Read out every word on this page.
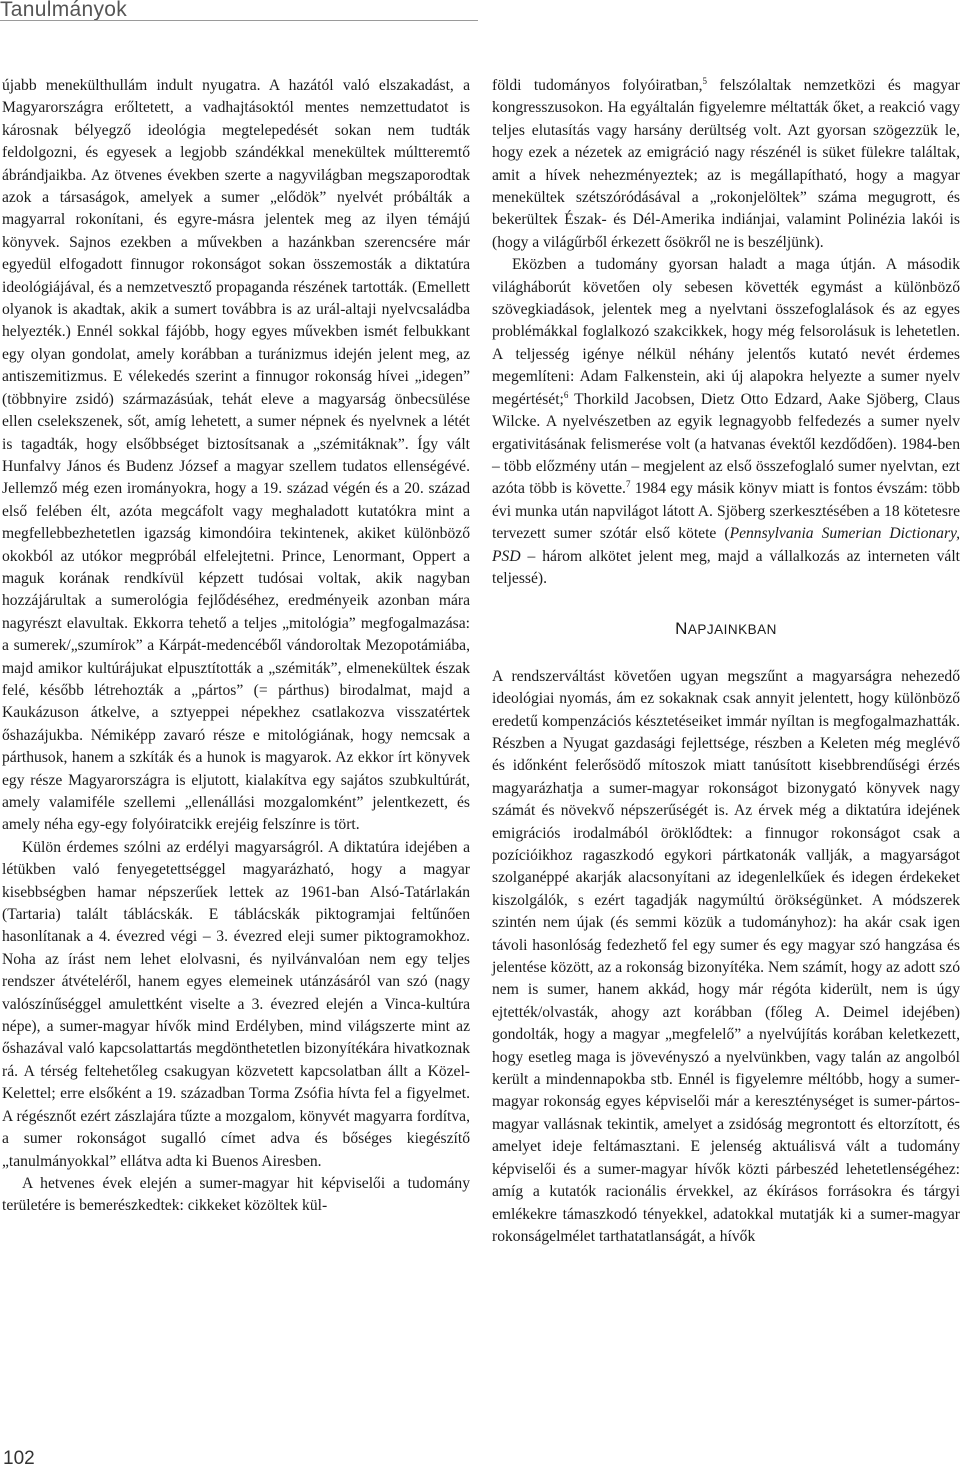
Tanulmányok

újabb menekülthullám indult nyugatra. A hazától való elszakadást, a Magyarországra erőltetett, a vadhajtásoktól mentes nemzettudatot is károsnak bélyegző ideológia megtelepedését sokan nem tudták feldolgozni, és egyesek a legjobb szándékkal menekültek múltteremtő ábrándjaikba. Az ötvenes években szerte a nagyvilágban megszaporodtak azok a társaságok, amelyek a sumer „elődök” nyelvét próbálták a magyarral rokonítani, és egyre-másra jelentek meg az ilyen témájú könyvek. Sajnos ezekben a művekben a hazánkban szerencsére már egyedül elfogadott finnugor rokonságot sokan összemosták a diktatúra ideológiájával, és a nemzetvesztő propaganda részének tartották. (Emellett olyanok is akadtak, akik a sumert továbbra is az urál-altaji nyelvcsaládba helyezték.) Ennél sokkal fájóbb, hogy egyes művekben ismét felbukkant egy olyan gondolat, amely korábban a turánizmus idején jelent meg, az antiszemitizmus. E vélekedés szerint a finnugor rokonság hívei „idegen” (többnyire zsidó) származásúak, tehát eleve a magyarság önbecsülése ellen cselekszenek, sőt, amíg lehetett, a sumer népnek és nyelvnek a létét is tagadták, hogy elsőbbséget biztosítsanak a „szémitáknak”. Így vált Hunfalvy János és Budenz József a magyar szellem tudatos ellenségévé. Jellemző még ezen irományokra, hogy a 19. század végén és a 20. század első felében élt, azóta megcáfolt vagy meghaladott kutatókra mint a megfellebbezhetetlen igazság kimondóira tekintenek, akiket különböző okokból az utókor megpróbál elfelejtetni. Prince, Lenormant, Oppert a maguk korának rendkívül képzett tudósai voltak, akik nagyban hozzájárultak a sumerológia fejlődéséhez, eredményeik azonban mára nagyrészt elavultak. Ekkorra tehető a teljes „mitológia” megfogalmazása: a sumerek/„szumírok” a Kárpát-medencéből vándoroltak Mezopotámiába, majd amikor kultúrájukat elpusztították a „szémiták”, elmenekültek észak felé, később létrehozták a „pártos” (= párthus) birodalmat, majd a Kaukázuson átkelve, a sztyeppei népekhez csatlakozva visszatértek őshazájukba. Némiképp zavaró része e mitológiának, hogy nemcsak a párthusok, hanem a szkíták és a hunok is magyarok. Az ekkor írt könyvek egy része Magyarországra is eljutott, kialakítva egy sajátos szubkultúrát, amely valamiféle szellemi „ellenállási mozgalomként” jelentkezett, és amely néha egy-egy folyóiratcikk erejéig felszínre is tört.

Külön érdemes szólni az erdélyi magyarságról. A diktatúra idejében a létükben való fenyegetettséggel magyarázható, hogy a magyar kisebbségben hamar népszerűek lettek az 1961-ban Alsó-Tatárlakán (Tartaria) talált táblácskák. E táblácskák piktogramjai feltűnően hasonlítanak a 4. évezred végi – 3. évezred eleji sumer piktogramokhoz. Noha az írást nem lehet elolvasni, és nyilvánvalóan nem egy teljes rendszer átvételéről, hanem egyes elemeinek utánzásáról van szó (nagy valószínűséggel amulettként viselte a 3. évezred elején a Vinca-kultúra népe), a sumer-magyar hívők mind Erdélyben, mind világszerte mint az őshazával való kapcsolattartás megdönthetetlen bizonyítékára hivatkoznak rá. A térség feltehetőleg csakugyan közvetett kapcsolatban állt a Közel-Kelettel; erre elsőként a 19. században Torma Zsófia hívta fel a figyelmet. A régésznőt ezért zászlajára tűzte a mozgalom, könyvét magyarra fordítva, a sumer rokonságot sugalló címet adva és bőséges kiegészítő „tanulmányokkal” ellátva adta ki Buenos Airesben.

A hetvenes évek elején a sumer-magyar hit képviselői a tudomány területére is bemerészkedtek: cikkeket közöltek kül-

földi tudományos folyóiratban,$^5$ felszólaltak nemzetközi és magyar kongresszusokon. Ha egyáltalán figyelemre méltatták őket, a reakció vagy teljes elutasítás vagy harsány derültség volt. Azt gyorsan szögezzük le, hogy ezek a nézetek az emigráció nagy részénél is süket fülekre találtak, amit a hívek nehezményeztek; az is megállapítható, hogy a magyar menekültek szétszóródásával a „rokonjelöltek” száma megugrott, és bekerültek Észak- és Dél-Amerika indiánjai, valamint Polinézia lakói is (hogy a világűrből érkezett ősökről ne is beszéljünk).

Eközben a tudomány gyorsan haladt a maga útján. A második világháborút követően oly sebesen követték egymást a különböző szövegkiadások, jelentek meg a nyelvtani összefoglalások és az egyes problémákkal foglalkozó szakcikkek, hogy még felsorolásuk is lehetetlen. A teljesség igénye nélkül néhány jelentős kutató nevét érdemes megemlíteni: Adam Falkenstein, aki új alapokra helyezte a sumer nyelv megértését;$^6$ Thorkild Jacobsen, Dietz Otto Edzard, Aake Sjöberg, Claus Wilcke. A nyelvészetben az egyik legnagyobb felfedezés a sumer nyelv ergativitásának felismerése volt (a hatvanas évektől kezdődően). 1984-ben – több előzmény után – megjelent az első összefoglaló sumer nyelvtan, ezt azóta több is követte.$^7$ 1984 egy másik könyv miatt is fontos évszám: több évi munka után napvilágot látott A. Sjöberg szerkesztésében a 18 kötetesre tervezett sumer szótár első kötete (Pennsylvania Sumerian Dictionary, PSD – három alkötet jelent meg, majd a vállalkozás az interneten vált teljessé).

NAPJAINKBAN

A rendszerváltást követően ugyan megszűnt a magyarságra nehezedő ideológiai nyomás, ám ez sokaknak csak annyit jelentett, hogy különböző eredetű kompenzációs késztetéseiket immár nyíltan is megfogalmazhatták. Részben a Nyugat gazdasági fejlettsége, részben a Keleten még meglévő és időnként felerősödő mítoszok miatt tanúsított kisebbrendűségi érzés magyarázhatja a sumer-magyar rokonságot bizonygató könyvek nagy számát és növekvő népszerűségét is. Az érvek még a diktatúra idejének emigrációs irodalmából öröklődtek: a finnugor rokonságot csak a pozícióikhoz ragaszkodó egykori pártkatonák vallják, a magyarságot szolganéppé akarják alacsonyítani az idegenlelkűek és idegen érdekeket kiszolgálók, s ezért tagadják nagymúltú örökségünket. A módszerek szintén nem újak (és semmi közük a tudományhoz): ha akár csak igen távoli hasonlóság fedezhető fel egy sumer és egy magyar szó hangzása és jelentése között, az a rokonság bizonyítéka. Nem számít, hogy az adott szó nem is sumer, hanem akkád, hogy már régóta kiderült, nem is úgy ejtették/olvasták, ahogy azt korábban (főleg A. Deimel idejében) gondolták, hogy a magyar „megfelelő” a nyelvújítás korában keletkezett, hogy esetleg maga is jövevényszó a nyelvünkben, vagy talán az angolból került a mindennapokba stb. Ennél is figyelemre méltóbb, hogy a sumer-magyar rokonság egyes képviselői már a kereszténységet is sumer-pártos-magyar vallásnak tekintik, amelyet a zsidóság megrontott és eltorzított, és amelyet ideje feltámasztani. E jelenség aktuálisvá vált a tudomány képviselői és a sumer-magyar hívők közti párbeszéd lehetetlenségéhez: amíg a kutatók racionális érvekkel, az ékírásos forrásokra és tárgyi emlékekre támaszkodó tényekkel, adatokkal mutatják ki a sumer-magyar rokonságelmélet tarthatatlanságát, a hívők

102
